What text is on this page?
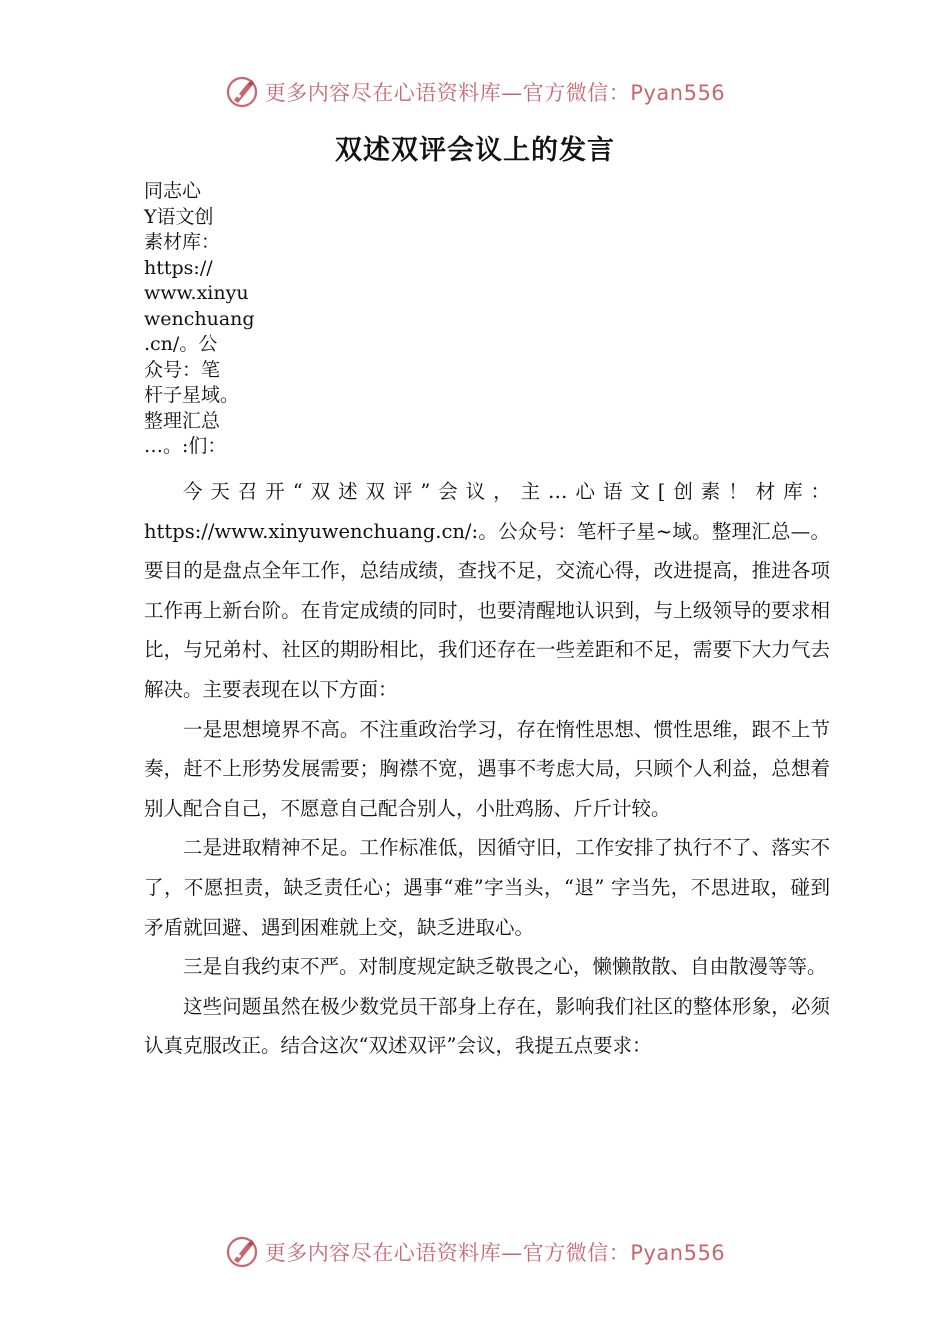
更多内容尽在心语资料库—官方微信：Pyan556
双述双评会议上的发言
同志心
Y语文创
素材库：
https://
www.xinyu
wenchuang
.cn/。公
众号：笔
杆子星域。
整理汇总
…。:们：

今天召开“双述双评”会议，主…心语文[创素！材库：https://www.xinyuwenchuang.cn/:。公众号：笔杆子星~域。整理汇总—。要目的是盘点全年工作，总结成绩，查找不足，交流心得，改进提高，推进各项工作再上新台阶。在肯定成绩的同时，也要清醒地认识到，与上级领导的要求相比，与兄弟村、社区的期盼相比，我们还存在一些差距和不足，需要下大力气去解决。主要表现在以下方面：

一是思想境界不高。不注重政治学习，存在惰性思想、惯性思维，跟不上节奏，赶不上形势发展需要；胸襟不宽，遇事不考虑大局，只顾个人利益，总想着别人配合自己，不愿意自己配合别人，小肚鸡肠、斤斤计较。

二是进取精神不足。工作标准低，因循守旧，工作安排了执行不了、落实不了，不愿担责，缺乏责任心；遇事“难”字当头，“退” 字当先，不思进取，碰到矛盾就回避、遇到困难就上交，缺乏进取心。

三是自我约束不严。对制度规定缺乏敬畏之心，懒懒散散、自由散漫等等。

这些问题虽然在极少数党员干部身上存在，影响我们社区的整体形象，必须认真克服改正。结合这次“双述双评”会议，我提五点要求：

更多内容尽在心语资料库—官方微信：Pyan556
